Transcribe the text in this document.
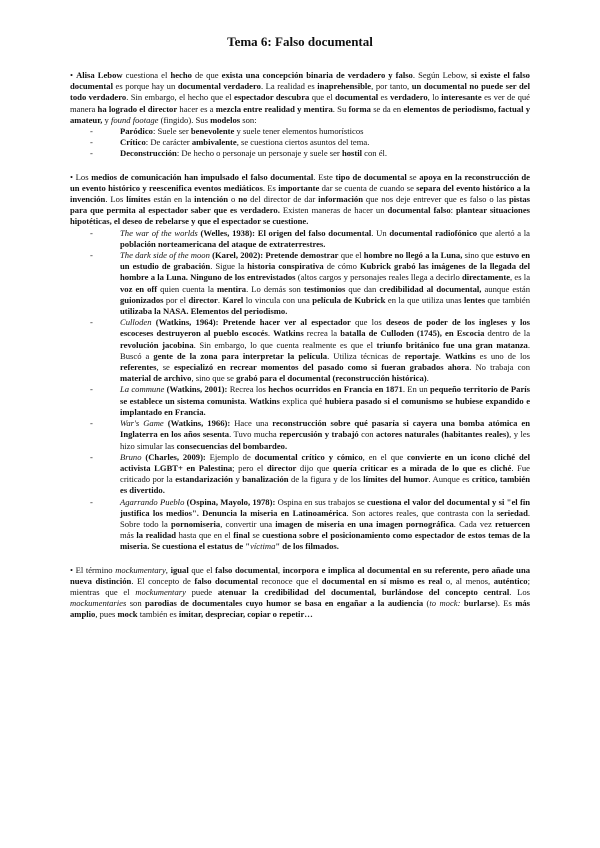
Tema 6: Falso documental

• Alisa Lebow cuestiona el hecho de que exista una concepción binaria de verdadero y falso. Según Lebow, si existe el falso documental es porque hay un documental verdadero. La realidad es inaprehensible, por tanto, un documental no puede ser del todo verdadero. Sin embargo, el hecho que el espectador descubra que el documental es verdadero, lo interesante es ver de qué manera ha logrado el director hacer es a mezcla entre realidad y mentira. Su forma se da en elementos de periodismo, factual y amateur, y found footage (fingido). Sus modelos son:

- Paródico: Suele ser benevolente y suele tener elementos humorísticos
- Crítico: De carácter ambivalente, se cuestiona ciertos asuntos del tema.
- Deconstrucción: De hecho o personaje un personaje y suele ser hostil con él.

• Los medios de comunicación han impulsado el falso documental. Este tipo de documental se apoya en la reconstrucción de un evento histórico y reescenifica eventos mediáticos. Es importante dar se cuenta de cuando se separa del evento histórico a la invención. Los límites están en la intención o no del director de dar información que nos deje entrever que es falso o las pistas para que permita al espectador saber que es verdadero. Existen maneras de hacer un documental falso: plantear situaciones hipotéticas, el deseo de rebelarse y que el espectador se cuestione.

- The war of the worlds (Welles, 1938): El origen del falso documental. Un documental radiofónico que alertó a la población norteamericana del ataque de extraterrestres.
- The dark side of the moon (Karel, 2002): Pretende demostrar que el hombre no llegó a la Luna, sino que estuvo en un estudio de grabación. Sigue la historia conspirativa de cómo Kubrick grabó las imágenes de la llegada del hombre a la Luna. Ninguno de los entrevistados (altos cargos y personajes reales llega a decirlo directamente, es la voz en off quien cuenta la mentira. Lo demás son testimonios que dan credibilidad al documental, aunque están guionizados por el director. Karel lo vincula con una película de Kubrick en la que utiliza unas lentes que también utilizaba la NASA. Elementos del periodismo.
- Culloden (Watkins, 1964): Pretende hacer ver al espectador que los deseos de poder de los ingleses y los escoceses destruyeron al pueblo escocés. Watkins recrea la batalla de Culloden (1745), en Escocia dentro de la revolución jacobina. Sin embargo, lo que cuenta realmente es que el triunfo británico fue una gran matanza. Buscó a gente de la zona para interpretar la película. Utiliza técnicas de reportaje. Watkins es uno de los referentes, se especializó en recrear momentos del pasado como si fueran grabados ahora. No trabaja con material de archivo, sino que se grabó para el documental (reconstrucción histórica).
- La commune (Watkins, 2001): Recrea los hechos ocurridos en Francia en 1871. En un pequeño territorio de París se establece un sistema comunista. Watkins explica qué hubiera pasado si el comunismo se hubiese expandido e implantado en Francia.
- War's Game (Watkins, 1966): Hace una reconstrucción sobre qué pasaría si cayera una bomba atómica en Inglaterra en los años sesenta. Tuvo mucha repercusión y trabajó con actores naturales (habitantes reales), y les hizo simular las consecuencias del bombardeo.
- Bruno (Charles, 2009): Ejemplo de documental crítico y cómico, en el que convierte en un icono cliché del activista LGBT+ en Palestina; pero el director dijo que quería criticar es a mirada de lo que es cliché. Fue criticado por la estandarización y banalización de la figura y de los límites del humor. Aunque es crítico, también es divertido.
- Agarrando Pueblo (Ospina, Mayolo, 1978): Ospina en sus trabajos se cuestiona el valor del documental y si "el fin justifica los medios". Denuncia la miseria en Latinoamérica. Son actores reales, que contrasta con la seriedad. Sobre todo la pornomiseria, convertir una imagen de miseria en una imagen pornográfica. Cada vez retuercen más la realidad hasta que en el final se cuestiona sobre el posicionamiento como espectador de estos temas de la miseria. Se cuestiona el estatus de "víctima" de los filmados.

• El término mockumentary, igual que el falso documental, incorpora e implica al documental en su referente, pero añade una nueva distinción. El concepto de falso documental reconoce que el documental en sí mismo es real o, al menos, auténtico; mientras que el mockumentary puede atenuar la credibilidad del documental, burlándose del concepto central. Los mockumentaries son parodias de documentales cuyo humor se basa en engañar a la audiencia (to mock: burlarse). Es más amplio, pues mock también es imitar, despreciar, copiar o repetir…
